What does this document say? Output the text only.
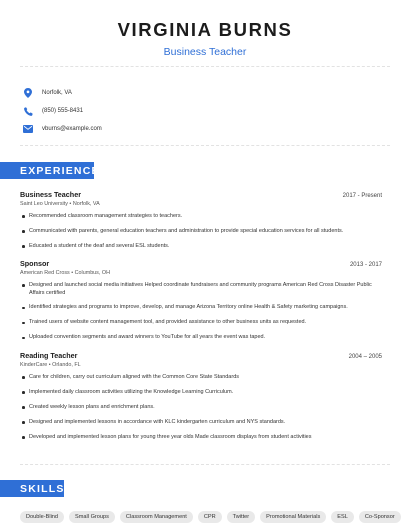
VIRGINIA BURNS
Business Teacher
Norfolk, VA
(850) 555-8431
vburns@example.com
EXPERIENCE
Business Teacher	2017 - Present
Saint Leo University • Norfolk, VA
Recommended classroom management strategies to teachers.
Communicated with parents, general education teachers and administration to provide special education services for all students.
Educated a student of the deaf and several ESL students.
Sponsor	2013 - 2017
American Red Cross • Columbus, OH
Designed and launched social media initiatives Helped coordinate fundraisers and community programs American Red Cross Disaster Public Affairs certified
Identified strategies and programs to improve, develop, and manage Arizona Territory online Health & Safety marketing campaigns.
Trained users of website content management tool, and provided assistance to other business units as requested.
Uploaded convention segments and award winners to YouTube for all years the event was taped.
Reading Teacher	2004 – 2005
KinderCare • Orlando, FL
Care for children, carry out curriculum aligned with the Common Core State Standards
Implemented daily classroom activities utilizing the Knowledge Learning Curriculum.
Created weekly lesson plans and enrichment plans.
Designed and implemented lessons in accordance with KLC kindergarten curriculum and NYS standards.
Developed and implemented lesson plans for young three year olds Made classroom displays from student activities
SKILLS
Double-Blind	Small Groups	Classroom Management	CPR	Twitter	Promotional Materials	ESL	Co-Sponsor
